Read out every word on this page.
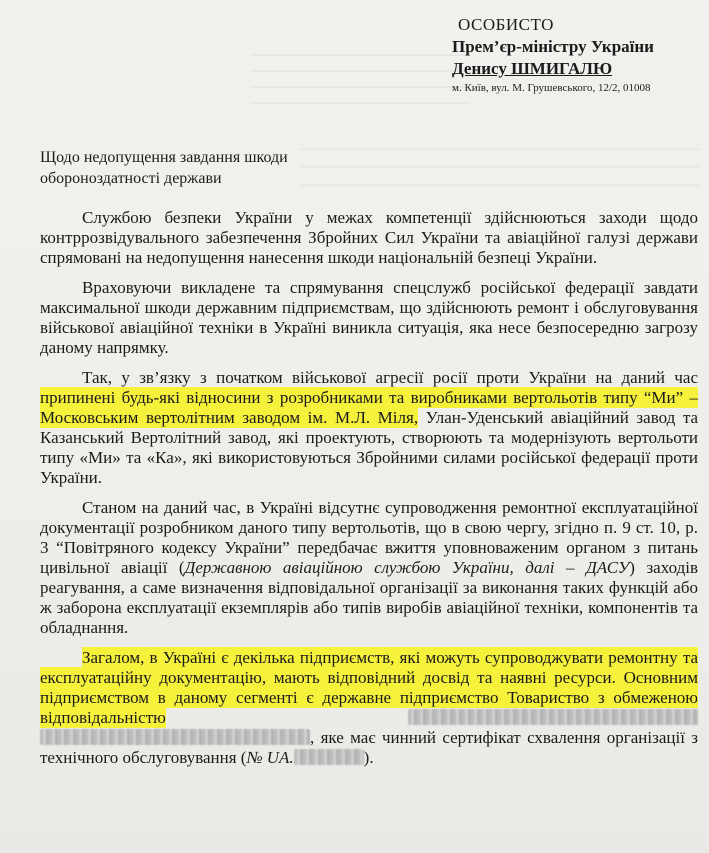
ОСОБИСТО
Прем’єр-міністру України
Денису ШМИГАЛЮ
м. Київ, вул. М. Грушевського, 12/2, 01008
Щодо недопущення завдання шкоди
обороноздатності держави

Службою безпеки України у межах компетенції здійснюються заходи щодо контррозвідувального забезпечення Збройних Сил України та авіаційної галузі держави спрямовані на недопущення нанесення шкоди національній безпеці України.

Враховуючи викладене та спрямування спецслужб російської федерації завдати максимальної шкоди державним підприємствам, що здійснюють ремонт і обслуговування військової авіаційної техніки в Україні виникла ситуація, яка несе безпосередню загрозу даному напрямку.

Так, у зв’язку з початком військової агресії росії проти України на даний час припинені будь-які відносини з розробниками та виробниками вертольотів типу “Ми” – Московським вертолітним заводом ім. М.Л. Міля, Улан-Уденський авіаційний завод та Казанський Вертолітний завод, які проектують, створюють та модернізують вертольоти типу «Ми» та «Ка», які використовуються Збройними силами російської федерації проти України.

Станом на даний час, в Україні відсутнє супроводження ремонтної експлуатаційної документації розробником даного типу вертольотів, що в свою чергу, згідно п. 9 ст. 10, р. 3 “Повітряного кодексу України” передбачає вжиття уповноваженим органом з питань цивільної авіації (Державною авіаційною службою України, далі – ДАСУ) заходів реагування, а саме визначення відповідальної організації за виконання таких функцій або ж заборона експлуатації екземплярів або типів виробів авіаційної техніки, компонентів та обладнання.

Загалом, в Україні є декілька підприємств, які можуть супроводжувати ремонтну та експлуатаційну документацію, мають відповідний досвід та наявні ресурси. Основним підприємством в даному сегменті є державне підприємство Товариство з обмеженою відповідальністю  , яке має чинний сертифікат схвалення організації з технічного обслуговування (№ UA.	).
